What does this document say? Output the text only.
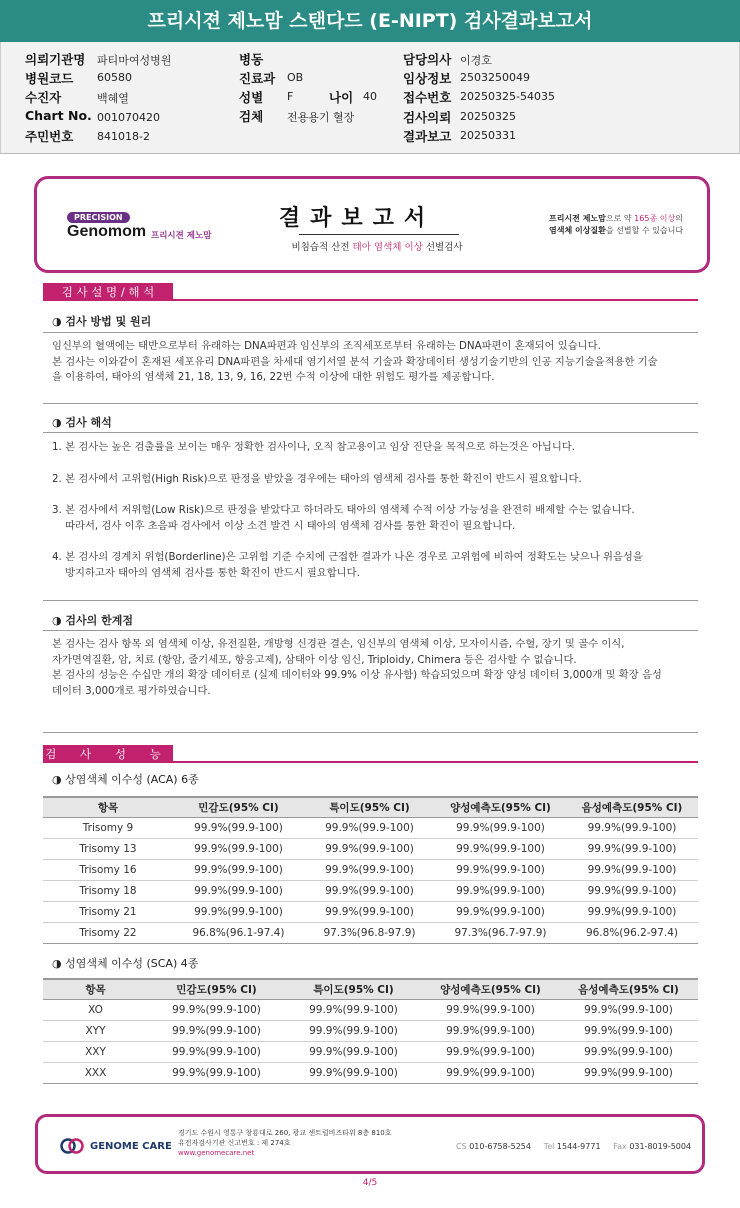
프리시젼 제노맘 스탠다드 (E-NIPT) 검사결과보고서
의뢰기관명 파티마여성병원
병원코드 60580
수진자	백혜열
Chart No. 001070420
주민번호 841018-2
병동
진료과 OB
성별 F	나이 40
검체 전용용기 혈장
담당의사 이경호
임상정보 2503250049
접수번호 20250325-54035
검사의뢰 20250325
결과보고 20250331
PRECISION
Genomom 프리시젼 제노맘
결과보고서
비침습적 산전 태아 염색체 이상 선별검사
프리시젼 제노맘으로 약 165종 이상의
염색체 이상질환을 선별할 수 있습니다
검 사 설 명 / 해 석
◑ 검사 방법 및 원리
임신부의 혈액에는 태반으로부터 유래하는 DNA파편과 임신부의 조직세포로부터 유래하는 DNA파편이 혼재되어 있습니다.
본 검사는 이와같이 혼재된 세포유리 DNA파편을 차세대 염기서열 분석 기술과 확장데이터 생성기술기반의 인공 지능기술을적용한 기술
을 이용하여, 태아의 염색체 21, 18, 13, 9, 16, 22번 수적 이상에 대한 위험도 평가를 제공합니다.
◑ 검사 해석
1. 본 검사는 높은 검출률을 보이는 매우 정확한 검사이나, 오직 참고용이고 임상 진단을 목적으로 하는것은 아닙니다.
2. 본 검사에서 고위험(High Risk)으로 판정을 받았을 경우에는 태아의 염색체 검사를 통한 확진이 반드시 필요합니다.
3. 본 검사에서 저위험(Low Risk)으로 판정을 받았다고 하더라도 태아의 염색체 수적 이상 가능성을 완전히 배제할 수는 없습니다.
따라서, 검사 이후 초음파 검사에서 이상 소견 발견 시 태아의 염색체 검사를 통한 확진이 필요합니다.
4. 본 검사의 경계치 위험(Borderline)은 고위험 기준 수치에 근접한 결과가 나온 경우로 고위험에 비하여 정확도는 낮으나 위음성을
방지하고자 태아의 염색체 검사를 통한 확진이 반드시 필요합니다.
◑ 검사의 한계점
본 검사는 검사 항목 외 염색체 이상, 유전질환, 개방형 신경관 결손, 임신부의 염색체 이상, 모자이시즘, 수혈, 장기 및 골수 이식,
자가면역질환, 암, 치료 (항암, 줄기세포, 항응고제), 삼태아 이상 임신, Triploidy, Chimera 등은 검사할 수 없습니다.
본 검사의 성능은 수십만 개의 확장 데이터로 (실제 데이터와 99.9% 이상 유사함) 학습되었으며 확장 양성 데이터 3,000개 및 확장 음성
데이터 3,000개로 평가하였습니다.
검 사 성 능
◑ 상염색체 이수성 (ACA) 6종
항목	민감도(95% CI)	특이도(95% CI)	양성예측도(95% CI)	음성예측도(95% CI)
Trisomy 9	99.9%(99.9-100)	99.9%(99.9-100)	99.9%(99.9-100)	99.9%(99.9-100)
Trisomy 13	99.9%(99.9-100)	99.9%(99.9-100)	99.9%(99.9-100)	99.9%(99.9-100)
Trisomy 16	99.9%(99.9-100)	99.9%(99.9-100)	99.9%(99.9-100)	99.9%(99.9-100)
Trisomy 18	99.9%(99.9-100)	99.9%(99.9-100)	99.9%(99.9-100)	99.9%(99.9-100)
Trisomy 21	99.9%(99.9-100)	99.9%(99.9-100)	99.9%(99.9-100)	99.9%(99.9-100)
Trisomy 22	96.8%(96.1-97.4)	97.3%(96.8-97.9)	97.3%(96.7-97.9)	96.8%(96.2-97.4)
◑ 성염색체 이수성 (SCA) 4종
항목	민감도(95% CI)	특이도(95% CI)	양성예측도(95% CI)	음성예측도(95% CI)
XO	99.9%(99.9-100)	99.9%(99.9-100)	99.9%(99.9-100)	99.9%(99.9-100)
XYY	99.9%(99.9-100)	99.9%(99.9-100)	99.9%(99.9-100)	99.9%(99.9-100)
XXY	99.9%(99.9-100)	99.9%(99.9-100)	99.9%(99.9-100)	99.9%(99.9-100)
XXX	99.9%(99.9-100)	99.9%(99.9-100)	99.9%(99.9-100)	99.9%(99.9-100)
GENOME CARE
경기도 수원시 영통구 창룡대로 260, 광교 센트럴비즈타워 8층 810호
유전자검사기관 신고번호 : 제 274호
www.genomecare.net
CS 010-6758-5254 Tel 1544-9771 Fax 031-8019-5004
4/5
